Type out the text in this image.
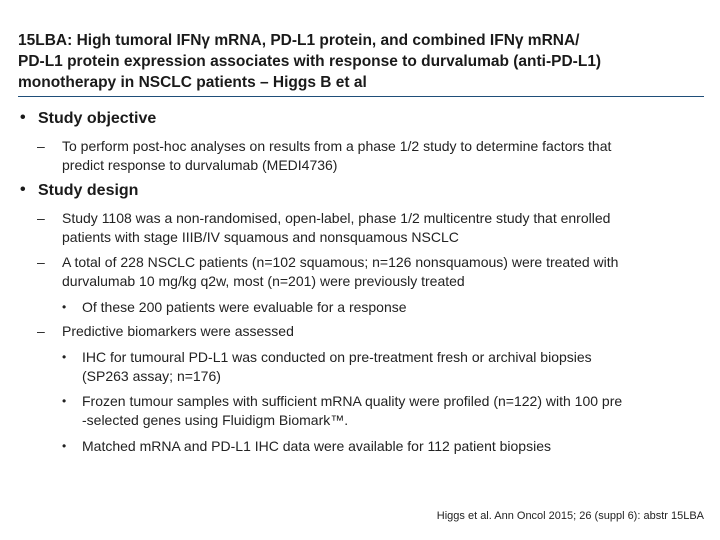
15LBA: High tumoral IFNγ mRNA, PD-L1 protein, and combined IFNγ mRNA/
PD-L1 protein expression associates with response to durvalumab (anti-PD-L1)
monotherapy in NSCLC patients – Higgs B et al
• Study objective
– To perform post-hoc analyses on results from a phase 1/2 study to determine factors that
predict response to durvalumab (MEDI4736)
• Study design
– Study 1108 was a non-randomised, open-label, phase 1/2 multicentre study that enrolled
patients with stage IIIB/IV squamous and nonsquamous NSCLC
– A total of 228 NSCLC patients (n=102 squamous; n=126 nonsquamous) were treated with
durvalumab 10 mg/kg q2w, most (n=201) were previously treated
• Of these 200 patients were evaluable for a response
– Predictive biomarkers were assessed
• IHC for tumoural PD-L1 was conducted on pre-treatment fresh or archival biopsies
(SP263 assay; n=176)
• Frozen tumour samples with sufficient mRNA quality were profiled (n=122) with 100 pre
-selected genes using Fluidigm Biomark™.
• Matched mRNA and PD-L1 IHC data were available for 112 patient biopsies
Higgs et al. Ann Oncol 2015; 26 (suppl 6): abstr 15LBA
